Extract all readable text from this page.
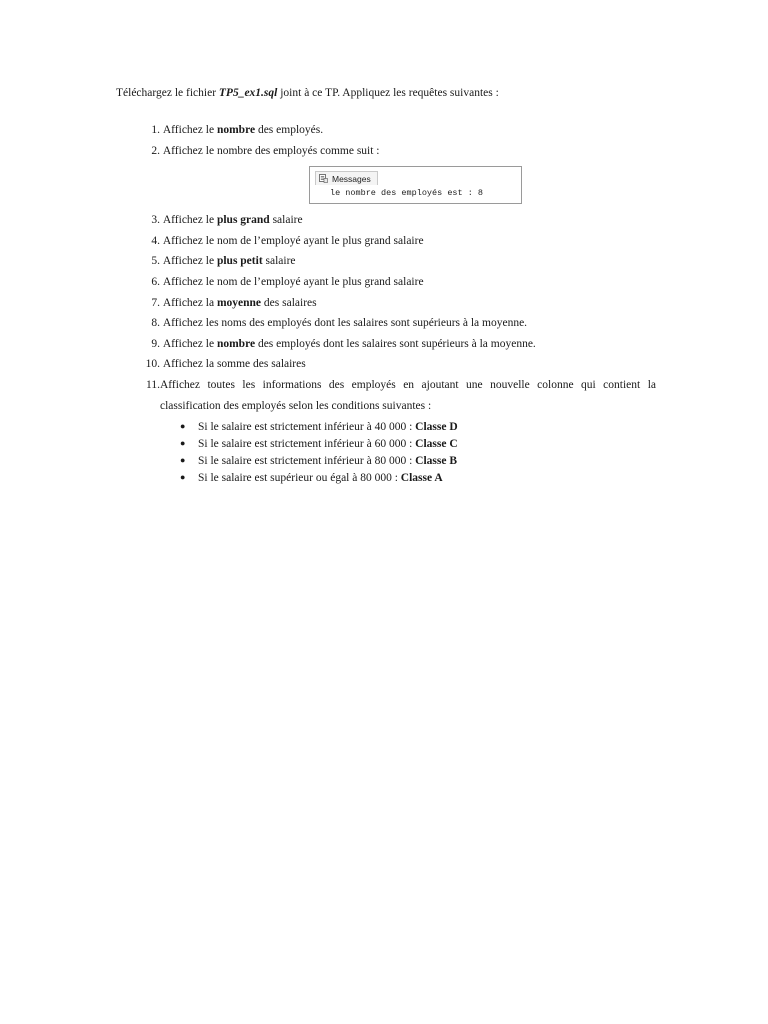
Téléchargez le fichier TP5_ex1.sql joint à ce TP. Appliquez les requêtes suivantes :
1. Affichez le nombre des employés.
2. Affichez le nombre des employés comme suit :
Messages
le nombre des employés est : 8
3. Affichez le plus grand salaire
4. Affichez le nom de l’employé ayant le plus grand salaire
5. Affichez le plus petit salaire
6. Affichez le nom de l’employé ayant le plus grand salaire
7. Affichez la moyenne des salaires
8. Affichez les noms des employés dont les salaires sont supérieurs à la moyenne.
9. Affichez le nombre des employés dont les salaires sont supérieurs à la moyenne.
10. Affichez la somme des salaires
11. Affichez toutes les informations des employés en ajoutant une nouvelle colonne qui contient la
classification des employés selon les conditions suivantes :
● Si le salaire est strictement inférieur à 40 000 : Classe D
● Si le salaire est strictement inférieur à 60 000 : Classe C
● Si le salaire est strictement inférieur à 80 000 : Classe B
● Si le salaire est supérieur ou égal à 80 000 : Classe A
